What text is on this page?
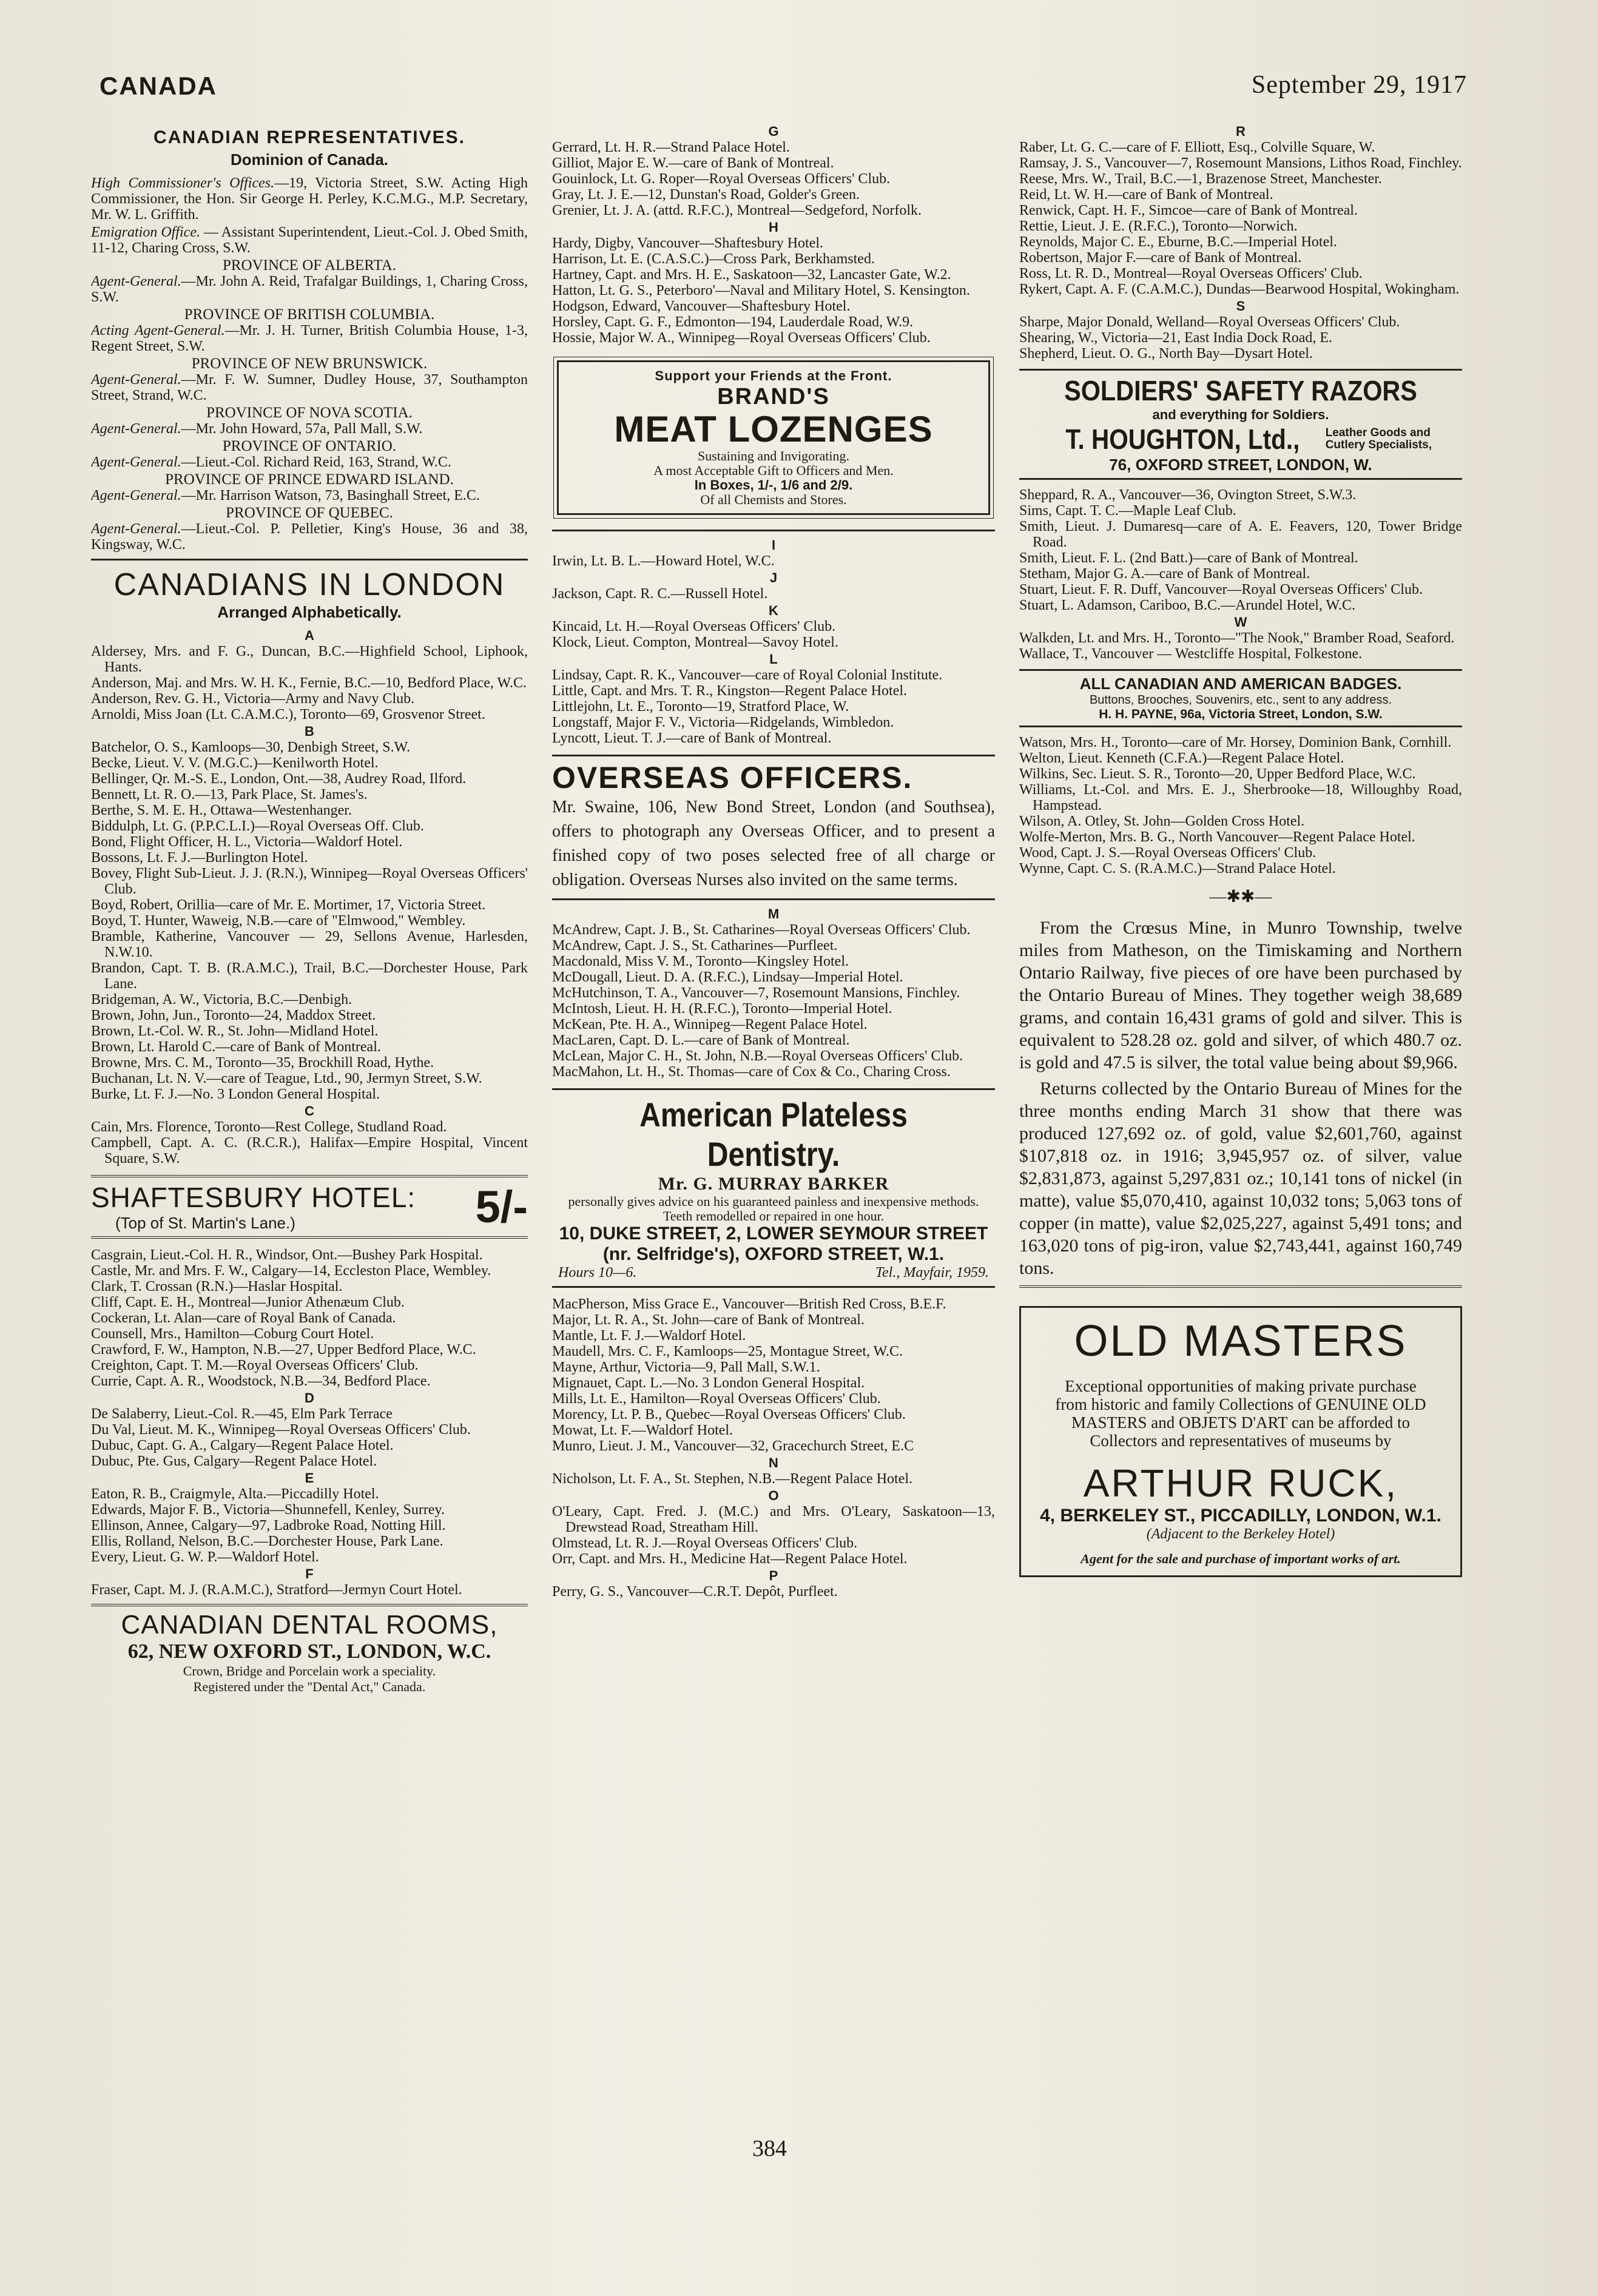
CANADA	September 29, 1917
CANADIAN REPRESENTATIVES.
Dominion of Canada.

High Commissioner's Offices.—19, Victoria Street, S.W. Acting High Commissioner, the Hon. Sir George H. Perley, K.C.M.G., M.P. Secretary, Mr. W. L. Griffith.

Emigration Office. — Assistant Superintendent, Lieut.-Col. J. Obed Smith, 11-12, Charing Cross, S.W.

PROVINCE OF ALBERTA.

Agent-General.—Mr. John A. Reid, Trafalgar Buildings, 1, Charing Cross, S.W.

PROVINCE OF BRITISH COLUMBIA.

Acting Agent-General.—Mr. J. H. Turner, British Columbia House, 1-3, Regent Street, S.W.

PROVINCE OF NEW BRUNSWICK.

Agent-General.—Mr. F. W. Sumner, Dudley House, 37, Southampton Street, Strand, W.C.

PROVINCE OF NOVA SCOTIA.

Agent-General.—Mr. John Howard, 57a, Pall Mall, S.W.

PROVINCE OF ONTARIO.

Agent-General.—Lieut.-Col. Richard Reid, 163, Strand, W.C.

PROVINCE OF PRINCE EDWARD ISLAND.

Agent-General.—Mr. Harrison Watson, 73, Basinghall Street, E.C.

PROVINCE OF QUEBEC.

Agent-General.—Lieut.-Col. P. Pelletier, King's House, 36 and 38, Kingsway, W.C.

CANADIANS IN LONDON
Arranged Alphabetically.
A

Aldersey, Mrs. and F. G., Duncan, B.C.—Highfield School, Liphook, Hants.

Anderson, Maj. and Mrs. W. H. K., Fernie, B.C.—10, Bedford Place, W.C.

Anderson, Rev. G. H., Victoria—Army and Navy Club.

Arnoldi, Miss Joan (Lt. C.A.M.C.), Toronto—69, Grosvenor Street.

B

Batchelor, O. S., Kamloops—30, Denbigh Street, S.W.

Becke, Lieut. V. V. (M.G.C.)—Kenilworth Hotel.

Bellinger, Qr. M.-S. E., London, Ont.—38, Audrey Road, Ilford.

Bennett, Lt. R. O.—13, Park Place, St. James's.

Berthe, S. M. E. H., Ottawa—Westenhanger.

Biddulph, Lt. G. (P.P.C.L.I.)—Royal Overseas Off. Club.

Bond, Flight Officer, H. L., Victoria—Waldorf Hotel.

Bossons, Lt. F. J.—Burlington Hotel.

Bovey, Flight Sub-Lieut. J. J. (R.N.), Winnipeg—Royal Overseas Officers' Club.

Boyd, Robert, Orillia—care of Mr. E. Mortimer, 17, Victoria Street.

Boyd, T. Hunter, Waweig, N.B.—care of "Elmwood," Wembley.

Bramble, Katherine, Vancouver — 29, Sellons Avenue, Harlesden, N.W.10.

Brandon, Capt. T. B. (R.A.M.C.), Trail, B.C.—Dorchester House, Park Lane.

Bridgeman, A. W., Victoria, B.C.—Denbigh.

Brown, John, Jun., Toronto—24, Maddox Street.

Brown, Lt.-Col. W. R., St. John—Midland Hotel.

Brown, Lt. Harold C.—care of Bank of Montreal.

Browne, Mrs. C. M., Toronto—35, Brockhill Road, Hythe.

Buchanan, Lt. N. V.—care of Teague, Ltd., 90, Jermyn Street, S.W.

Burke, Lt. F. J.—No. 3 London General Hospital.

C

Cain, Mrs. Florence, Toronto—Rest College, Studland Road.

Campbell, Capt. A. C. (R.C.R.), Halifax—Empire Hospital, Vincent Square, S.W.

SHAFTESBURY HOTEL:
(Top of St. Martin's Lane.)	5/-

Casgrain, Lieut.-Col. H. R., Windsor, Ont.—Bushey Park Hospital.

Castle, Mr. and Mrs. F. W., Calgary—14, Eccleston Place, Wembley.

Clark, T. Crossan (R.N.)—Haslar Hospital.

Cliff, Capt. E. H., Montreal—Junior Athenæum Club.

Cockeran, Lt. Alan—care of Royal Bank of Canada.

Counsell, Mrs., Hamilton—Coburg Court Hotel.

Crawford, F. W., Hampton, N.B.—27, Upper Bedford Place, W.C.

Creighton, Capt. T. M.—Royal Overseas Officers' Club.

Currie, Capt. A. R., Woodstock, N.B.—34, Bedford Place.

D

De Salaberry, Lieut.-Col. R.—45, Elm Park Terrace

Du Val, Lieut. M. K., Winnipeg—Royal Overseas Officers' Club.

Dubuc, Capt. G. A., Calgary—Regent Palace Hotel.

Dubuc, Pte. Gus, Calgary—Regent Palace Hotel.

E

Eaton, R. B., Craigmyle, Alta.—Piccadilly Hotel.

Edwards, Major F. B., Victoria—Shunnefell, Kenley, Surrey.

Ellinson, Annee, Calgary—97, Ladbroke Road, Notting Hill.

Ellis, Rolland, Nelson, B.C.—Dorchester House, Park Lane.

Every, Lieut. G. W. P.—Waldorf Hotel.

F

Fraser, Capt. M. J. (R.A.M.C.), Stratford—Jermyn Court Hotel.

CANADIAN DENTAL ROOMS,
62, NEW OXFORD ST., LONDON, W.C.
Crown, Bridge and Porcelain work a speciality.
Registered under the "Dental Act," Canada.
G

Gerrard, Lt. H. R.—Strand Palace Hotel.

Gilliot, Major E. W.—care of Bank of Montreal.

Gouinlock, Lt. G. Roper—Royal Overseas Officers' Club.

Gray, Lt. J. E.—12, Dunstan's Road, Golder's Green.

Grenier, Lt. J. A. (attd. R.F.C.), Montreal—Sedgeford, Norfolk.

H

Hardy, Digby, Vancouver—Shaftesbury Hotel.

Harrison, Lt. E. (C.A.S.C.)—Cross Park, Berkhamsted.

Hartney, Capt. and Mrs. H. E., Saskatoon—32, Lancaster Gate, W.2.

Hatton, Lt. G. S., Peterboro'—Naval and Military Hotel, S. Kensington.

Hodgson, Edward, Vancouver—Shaftesbury Hotel.

Horsley, Capt. G. F., Edmonton—194, Lauderdale Road, W.9.

Hossie, Major W. A., Winnipeg—Royal Overseas Officers' Club.

Support your Friends at the Front.
BRAND'S
MEAT LOZENGES
Sustaining and Invigorating.
A most Acceptable Gift to Officers and Men.
In Boxes, 1/-, 1/6 and 2/9.
Of all Chemists and Stores.
I

Irwin, Lt. B. L.—Howard Hotel, W.C.

J

Jackson, Capt. R. C.—Russell Hotel.

K

Kincaid, Lt. H.—Royal Overseas Officers' Club.

Klock, Lieut. Compton, Montreal—Savoy Hotel.

L

Lindsay, Capt. R. K., Vancouver—care of Royal Colonial Institute.

Little, Capt. and Mrs. T. R., Kingston—Regent Palace Hotel.

Littlejohn, Lt. E., Toronto—19, Stratford Place, W.

Longstaff, Major F. V., Victoria—Ridgelands, Wimbledon.

Lyncott, Lieut. T. J.—care of Bank of Montreal.

OVERSEAS OFFICERS.
Mr. Swaine, 106, New Bond Street, London (and Southsea), offers to photograph any Overseas Officer, and to present a finished copy of two poses selected free of all charge or obligation. Overseas Nurses also invited on the same terms.
M

McAndrew, Capt. J. B., St. Catharines—Royal Overseas Officers' Club.

McAndrew, Capt. J. S., St. Catharines—Purfleet.

Macdonald, Miss V. M., Toronto—Kingsley Hotel.

McDougall, Lieut. D. A. (R.F.C.), Lindsay—Imperial Hotel.

McHutchinson, T. A., Vancouver—7, Rosemount Mansions, Finchley.

McIntosh, Lieut. H. H. (R.F.C.), Toronto—Imperial Hotel.

McKean, Pte. H. A., Winnipeg—Regent Palace Hotel.

MacLaren, Capt. D. L.—care of Bank of Montreal.

McLean, Major C. H., St. John, N.B.—Royal Overseas Officers' Club.

MacMahon, Lt. H., St. Thomas—care of Cox & Co., Charing Cross.

American Plateless Dentistry.
Mr. G. MURRAY BARKER
personally gives advice on his guaranteed painless and inexpensive methods.
Teeth remodelled or repaired in one hour.
10, DUKE STREET, 2, LOWER SEYMOUR STREET
(nr. Selfridge's), OXFORD STREET, W.1.
Hours 10—6.	Tel., Mayfair, 1959.

MacPherson, Miss Grace E., Vancouver—British Red Cross, B.E.F.

Major, Lt. R. A., St. John—care of Bank of Montreal.

Mantle, Lt. F. J.—Waldorf Hotel.

Maudell, Mrs. C. F., Kamloops—25, Montague Street, W.C.

Mayne, Arthur, Victoria—9, Pall Mall, S.W.1.

Mignauet, Capt. L.—No. 3 London General Hospital.

Mills, Lt. E., Hamilton—Royal Overseas Officers' Club.

Morency, Lt. P. B., Quebec—Royal Overseas Officers' Club.

Mowat, Lt. F.—Waldorf Hotel.

Munro, Lieut. J. M., Vancouver—32, Gracechurch Street, E.C

N

Nicholson, Lt. F. A., St. Stephen, N.B.—Regent Palace Hotel.

O

O'Leary, Capt. Fred. J. (M.C.) and Mrs. O'Leary, Saskatoon—13, Drewstead Road, Streatham Hill.

Olmstead, Lt. R. J.—Royal Overseas Officers' Club.

Orr, Capt. and Mrs. H., Medicine Hat—Regent Palace Hotel.

P

Perry, G. S., Vancouver—C.R.T. Depôt, Purfleet.

R

Raber, Lt. G. C.—care of F. Elliott, Esq., Colville Square, W.

Ramsay, J. S., Vancouver—7, Rosemount Mansions, Lithos Road, Finchley.

Reese, Mrs. W., Trail, B.C.—1, Brazenose Street, Manchester.

Reid, Lt. W. H.—care of Bank of Montreal.

Renwick, Capt. H. F., Simcoe—care of Bank of Montreal.

Rettie, Lieut. J. E. (R.F.C.), Toronto—Norwich.

Reynolds, Major C. E., Eburne, B.C.—Imperial Hotel.

Robertson, Major F.—care of Bank of Montreal.

Ross, Lt. R. D., Montreal—Royal Overseas Officers' Club.

Rykert, Capt. A. F. (C.A.M.C.), Dundas—Bearwood Hospital, Wokingham.

S

Sharpe, Major Donald, Welland—Royal Overseas Officers' Club.

Shearing, W., Victoria—21, East India Dock Road, E.

Shepherd, Lieut. O. G., North Bay—Dysart Hotel.

SOLDIERS' SAFETY RAZORS
and everything for Soldiers.
T. HOUGHTON, Ltd., Leather Goods and
Cutlery Specialists,
76, OXFORD STREET, LONDON, W.

Sheppard, R. A., Vancouver—36, Ovington Street, S.W.3.

Sims, Capt. T. C.—Maple Leaf Club.

Smith, Lieut. J. Dumaresq—care of A. E. Feavers, 120, Tower Bridge Road.

Smith, Lieut. F. L. (2nd Batt.)—care of Bank of Montreal.

Stetham, Major G. A.—care of Bank of Montreal.

Stuart, Lieut. F. R. Duff, Vancouver—Royal Overseas Officers' Club.

Stuart, L. Adamson, Cariboo, B.C.—Arundel Hotel, W.C.

W

Walkden, Lt. and Mrs. H., Toronto—"The Nook," Bramber Road, Seaford.

Wallace, T., Vancouver — Westcliffe Hospital, Folkestone.

ALL CANADIAN AND AMERICAN BADGES.
Buttons, Brooches, Souvenirs, etc., sent to any address.
H. H. PAYNE, 96a, Victoria Street, London, S.W.

Watson, Mrs. H., Toronto—care of Mr. Horsey, Dominion Bank, Cornhill.

Welton, Lieut. Kenneth (C.F.A.)—Regent Palace Hotel.

Wilkins, Sec. Lieut. S. R., Toronto—20, Upper Bedford Place, W.C.

Williams, Lt.-Col. and Mrs. E. J., Sherbrooke—18, Willoughby Road, Hampstead.

Wilson, A. Otley, St. John—Golden Cross Hotel.

Wolfe-Merton, Mrs. B. G., North Vancouver—Regent Palace Hotel.

Wood, Capt. J. S.—Royal Overseas Officers' Club.

Wynne, Capt. C. S. (R.A.M.C.)—Strand Palace Hotel.

—✱✱—

From the Crœsus Mine, in Munro Township, twelve miles from Matheson, on the Timiskaming and Northern Ontario Railway, five pieces of ore have been purchased by the Ontario Bureau of Mines. They together weigh 38,689 grams, and contain 16,431 grams of gold and silver. This is equivalent to 528.28 oz. gold and silver, of which 480.7 oz. is gold and 47.5 is silver, the total value being about $9,966.

Returns collected by the Ontario Bureau of Mines for the three months ending March 31 show that there was produced 127,692 oz. of gold, value $2,601,760, against $107,818 oz. in 1916; 3,945,957 oz. of silver, value $2,831,873, against 5,297,831 oz.; 10,141 tons of nickel (in matte), value $5,070,410, against 10,032 tons; 5,063 tons of copper (in matte), value $2,025,227, against 5,491 tons; and 163,020 tons of pig-iron, value $2,743,441, against 160,749 tons.

OLD MASTERS
Exceptional opportunities of making private purchase from historic and family Collections of GENUINE OLD MASTERS and OBJETS D'ART can be afforded to Collectors and representatives of museums by
ARTHUR RUCK,
4, BERKELEY ST., PICCADILLY, LONDON, W.1.
(Adjacent to the Berkeley Hotel)
Agent for the sale and purchase of important works of art.
384
